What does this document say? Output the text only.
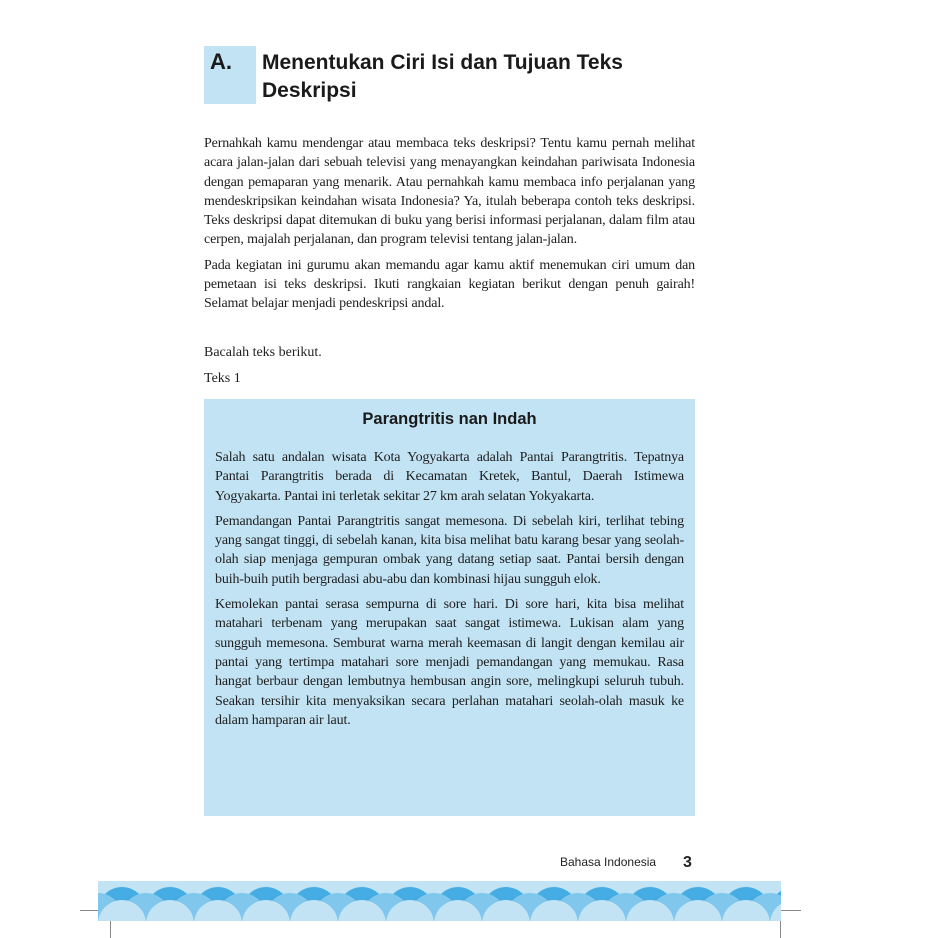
A. Menentukan Ciri Isi dan Tujuan Teks Deskripsi

Pernahkah kamu mendengar atau membaca teks deskripsi? Tentu kamu pernah melihat acara jalan-jalan dari sebuah televisi yang menayangkan keindahan pariwisata Indonesia dengan pemaparan yang menarik. Atau pernahkah kamu membaca info perjalanan yang mendeskripsikan keindahan wisata Indonesia? Ya, itulah beberapa contoh teks deskripsi. Teks deskripsi dapat ditemukan di buku yang berisi informasi perjalanan, dalam film atau cerpen, majalah perjalanan, dan program televisi tentang jalan-jalan.

Pada kegiatan ini gurumu akan memandu agar kamu aktif menemukan ciri umum dan pemetaan isi teks deskripsi. Ikuti rangkaian kegiatan berikut dengan penuh gairah! Selamat belajar menjadi pendeskripsi andal.

Bacalah teks berikut.

Teks 1

Parangtritis nan Indah

Salah satu andalan wisata Kota Yogyakarta adalah Pantai Parangtritis. Tepatnya Pantai Parangtritis berada di Kecamatan Kretek, Bantul, Daerah Istimewa Yogyakarta. Pantai ini terletak sekitar 27 km arah selatan Yokyakarta.

Pemandangan Pantai Parangtritis sangat memesona. Di sebelah kiri, terlihat tebing yang sangat tinggi, di sebelah kanan, kita bisa melihat batu karang besar yang seolah-olah siap menjaga gempuran ombak yang datang setiap saat. Pantai bersih dengan buih-buih putih bergradasi abu-abu dan kombinasi hijau sungguh elok.

Kemolekan pantai serasa sempurna di sore hari. Di sore hari, kita bisa melihat matahari terbenam yang merupakan saat sangat istimewa. Lukisan alam yang sungguh memesona. Semburat warna merah keemasan di langit dengan kemilau air pantai yang tertimpa matahari sore menjadi pemandangan yang memukau. Rasa hangat berbaur dengan lembutnya hembusan angin sore, melingkupi seluruh tubuh. Seakan tersihir kita menyaksikan secara perlahan matahari seolah-olah masuk ke dalam hamparan air laut.

Bahasa Indonesia 3
